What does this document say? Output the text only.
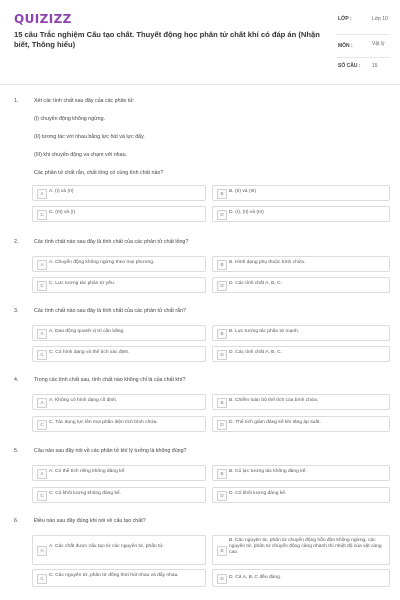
QUIZIZZ
15 câu Trắc nghiệm Cấu tạo chất. Thuyết động học phân tử chất khí có đáp án (Nhận biết, Thông hiểu)
LỚP :	Lớp 10
MÔN :	Vật lý
SỐ CÂU : 15
1.	Xét các tính chất sau đây của các phân tử:
(I) chuyển động không ngừng.
(II) tương tác với nhau bằng lực hút và lực đẩy.
(III) khi chuyển động va chạm với nhau.
Các phân tử chất rắn, chất lỏng có cùng tính chất nào?
A	A. (I) và (II)	B	B. (II) và (III)
C	C. (III) và (I)	D	D. (I), (II) và (III)
2.	Các tính chất nào sau đây là tính chất của các phân tử chất lỏng?
A	A. Chuyển động không ngừng theo mọi phương.	B	B. Hình dạng phụ thuộc bình chứa.
C	C. Lực tương tác phân tử yếu.	D	D. Các tính chất A, B, C.
3.	Các tính chất nào sau đây là tính chất của các phân tử chất rắn?
A	A. Dao động quanh vị trí cân bằng.	B	B. Lực tương tác phân tử mạnh.
C	C. Có hình dạng và thể tích xác định.	D	D. Các tính chất A, B, C.
4.	Trong các tính chất sau, tính chất nào không chỉ là của chất khí?
A	A. Không có hình dạng cố định.	B	B. Chiếm toàn bộ thể tích của bình chứa.
C	C. Tác dụng lực lên mọi phần diện tích bình chứa.	D	D. Thể tích giảm đáng kể khi tăng áp suất.
5.	Câu nào sau đây nói về các phân tử khí lý tưởng là không đúng?
A	A. Có thể tích riêng không đáng kể.	B	B. Có lực tương tác không đáng kể.
C	C. Có khối lượng không đáng kể.	D	D. Có khối lượng đáng kể.
6.	Điều nào sau đây đúng khi nói về cấu tạo chất?
A
A. Các chất được cấu tạo từ các nguyên tử, phân tử.
B
B. Các nguyên tử, phân tử chuyển động hỗn độn không ngừng, các nguyên tử, phân tử chuyển động càng nhanh thì nhiệt độ của vật càng cao.
C
C. Các nguyên tử, phân tử đồng thời hút nhau và đẩy nhau.
D	D. Cả A, B, C đều đúng.
